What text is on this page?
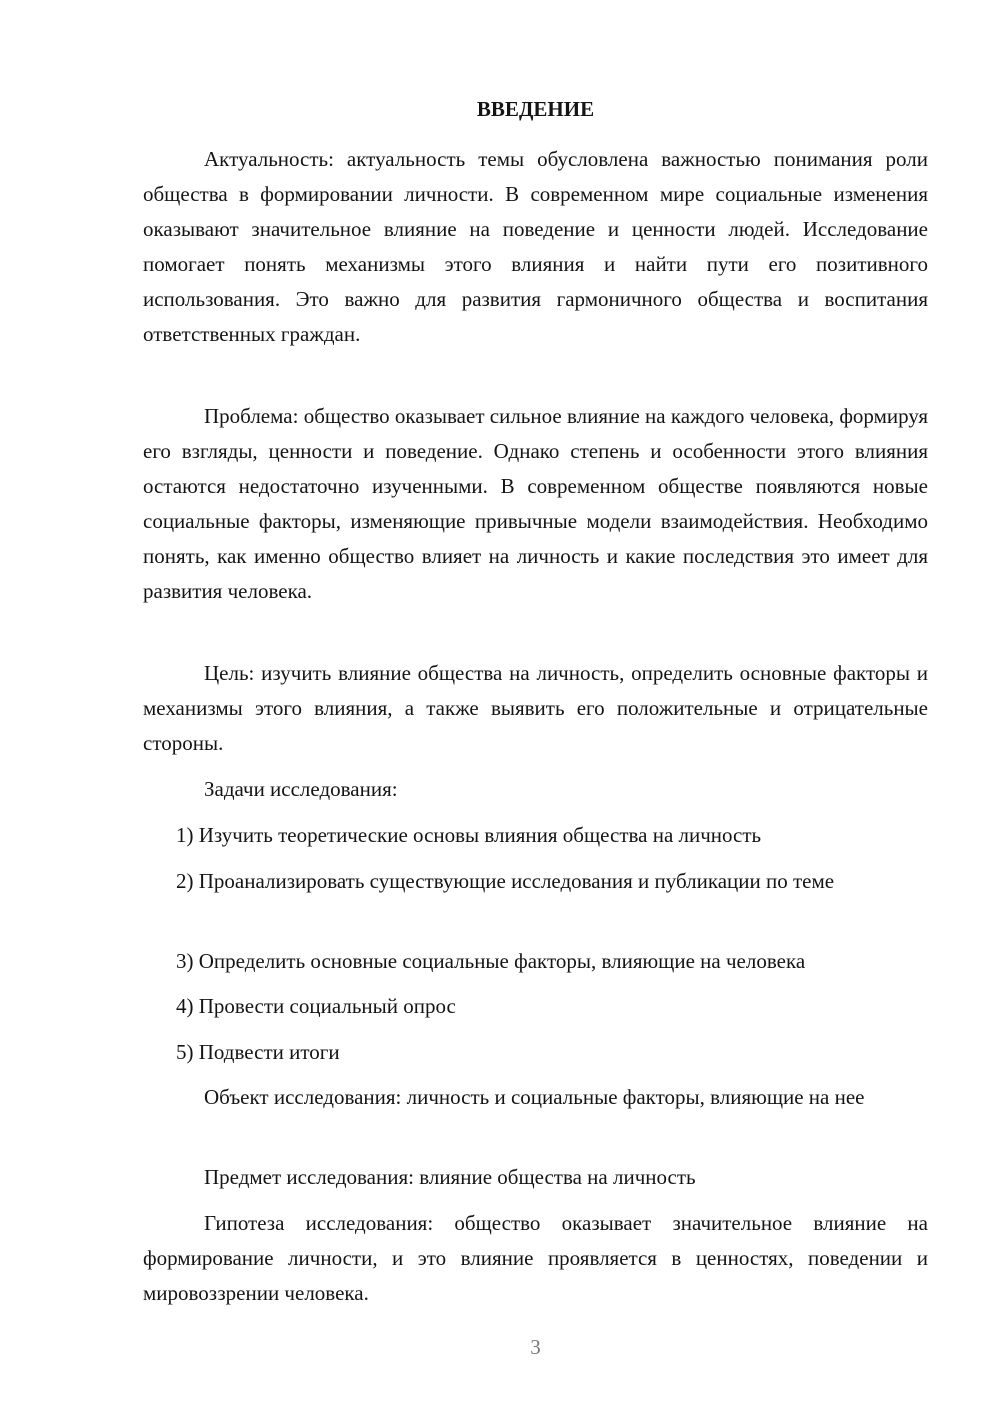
ВВЕДЕНИЕ
Актуальность: актуальность темы обусловлена важностью понимания роли общества в формировании личности. В современном мире социальные изменения оказывают значительное влияние на поведение и ценности людей. Исследование помогает понять механизмы этого влияния и найти пути его позитивного использования. Это важно для развития гармоничного общества и воспитания ответственных граждан.
Проблема: общество оказывает сильное влияние на каждого человека, формируя его взгляды, ценности и поведение. Однако степень и особенности этого влияния остаются недостаточно изученными. В современном обществе появляются новые социальные факторы, изменяющие привычные модели взаимодействия. Необходимо понять, как именно общество влияет на личность и какие последствия это имеет для развития человека.
Цель: изучить влияние общества на личность, определить основные факторы и механизмы этого влияния, а также выявить его положительные и отрицательные стороны.
Задачи исследования:
1) Изучить теоретические основы влияния общества на личность
2) Проанализировать существующие исследования и публикации по теме
3) Определить основные социальные факторы, влияющие на человека
4) Провести социальный опрос
5) Подвести итоги
Объект исследования: личность и социальные факторы, влияющие на нее
Предмет исследования: влияние общества на личность
Гипотеза исследования: общество оказывает значительное влияние на формирование личности, и это влияние проявляется в ценностях, поведении и мировоззрении человека.
3
